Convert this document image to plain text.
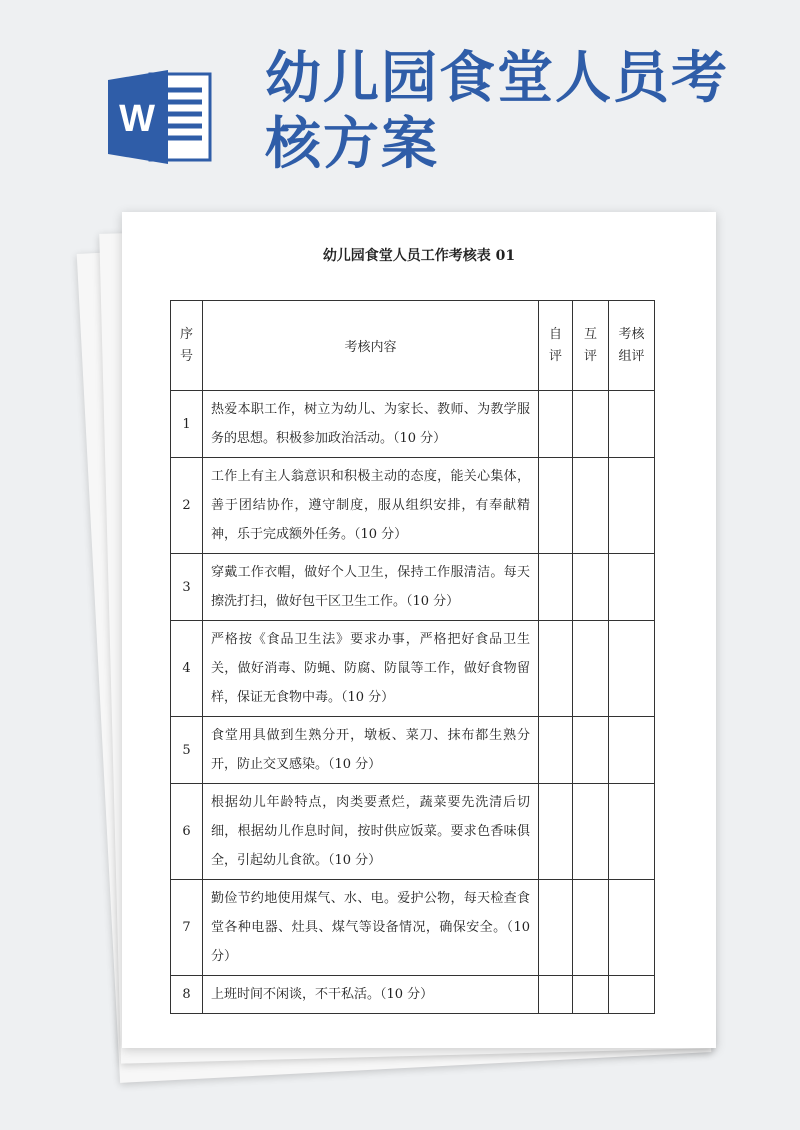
W
幼儿园食堂人员考核方案
幼儿园食堂人员工作考核表 01
序号	考核内容	自评	互评	考核组评
1	热爱本职工作，树立为幼儿、为家长、教师、为教学服务的思想。积极参加政治活动。（10 分）			
2	工作上有主人翁意识和积极主动的态度，能关心集体，善于团结协作，遵守制度，服从组织安排，有奉献精神，乐于完成额外任务。（10 分）			
3	穿戴工作衣帽，做好个人卫生，保持工作服清洁。每天擦洗打扫，做好包干区卫生工作。（10 分）			
4	严格按《食品卫生法》要求办事，严格把好食品卫生关，做好消毒、防蝇、防腐、防鼠等工作，做好食物留样，保证无食物中毒。（10 分）			
5	食堂用具做到生熟分开，墩板、菜刀、抹布都生熟分开，防止交叉感染。（10 分）			
6	根据幼儿年龄特点，肉类要煮烂，蔬菜要先洗清后切细，根据幼儿作息时间，按时供应饭菜。要求色香味俱全，引起幼儿食欲。（10 分）			
7	勤俭节约地使用煤气、水、电。爱护公物，每天检查食堂各种电器、灶具、煤气等设备情况，确保安全。（10 分）			
8	上班时间不闲谈，不干私活。（10 分）			
